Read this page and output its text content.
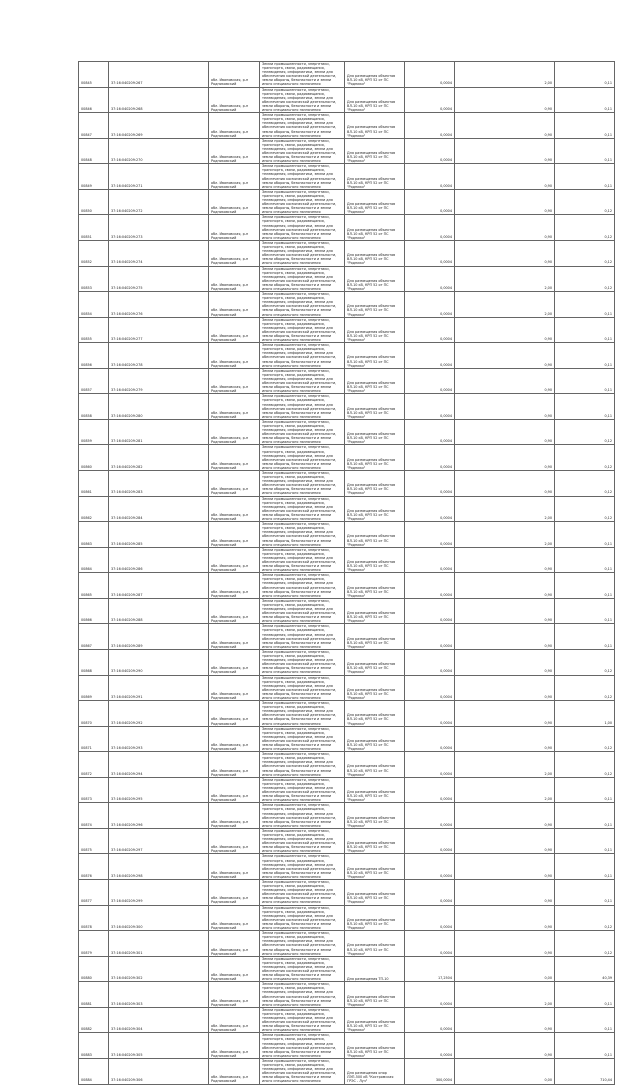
00845	37:16:040209:267	обл. Ивановская, р-н Родниковский	Земли промышленности, энергетики, транспорта, связи, радиовещания, телевидения, информатики, земли для обеспечения космической деятельности, земли обороны, безопасности и земли иного специального назначения	Для размещения объектов ВЛ-10 кВ, КРП 52 от ПС "Родники"	0,0004	2,00	0,11
00846	37:16:040209:268	обл. Ивановская, р-н Родниковский	Земли промышленности, энергетики, транспорта, связи, радиовещания, телевидения, информатики, земли для обеспечения космической деятельности, земли обороны, безопасности и земли иного специального назначения	Для размещения объектов ВЛ-10 кВ, КРП 52 от ПС "Родники"	0,0004	0,90	0,11
00847	37:16:040209:269	обл. Ивановская, р-н Родниковский	Земли промышленности, энергетики, транспорта, связи, радиовещания, телевидения, информатики, земли для обеспечения космической деятельности, земли обороны, безопасности и земли иного специального назначения	Для размещения объектов ВЛ-10 кВ, КРП 52 от ПС "Родники"	0,0004	0,90	0,11
00848	37:16:040209:270	обл. Ивановская, р-н Родниковский	Земли промышленности, энергетики, транспорта, связи, радиовещания, телевидения, информатики, земли для обеспечения космической деятельности, земли обороны, безопасности и земли иного специального назначения	Для размещения объектов ВЛ-10 кВ, КРП 52 от ПС "Родники"	0,0004	0,90	0,11
00849	37:16:040209:271	обл. Ивановская, р-н Родниковский	Земли промышленности, энергетики, транспорта, связи, радиовещания, телевидения, информатики, земли для обеспечения космической деятельности, земли обороны, безопасности и земли иного специального назначения	Для размещения объектов ВЛ-10 кВ, КРП 52 от ПС "Родники"	0,0004	0,90	0,11
00850	37:16:040209:272	обл. Ивановская, р-н Родниковский	Земли промышленности, энергетики, транспорта, связи, радиовещания, телевидения, информатики, земли для обеспечения космической деятельности, земли обороны, безопасности и земли иного специального назначения	Для размещения объектов ВЛ-10 кВ, КРП 52 от ПС "Родники"	0,0004	0,90	0,12
00851	37:16:040209:273	обл. Ивановская, р-н Родниковский	Земли промышленности, энергетики, транспорта, связи, радиовещания, телевидения, информатики, земли для обеспечения космической деятельности, земли обороны, безопасности и земли иного специального назначения	Для размещения объектов ВЛ-10 кВ, КРП 52 от ПС "Родники"	0,0004	0,90	0,12
00852	37:16:040209:274	обл. Ивановская, р-н Родниковский	Земли промышленности, энергетики, транспорта, связи, радиовещания, телевидения, информатики, земли для обеспечения космической деятельности, земли обороны, безопасности и земли иного специального назначения	Для размещения объектов ВЛ-10 кВ, КРП 52 от ПС "Родники"	0,0004	0,90	0,12
00853	37:16:040209:275	обл. Ивановская, р-н Родниковский	Земли промышленности, энергетики, транспорта, связи, радиовещания, телевидения, информатики, земли для обеспечения космической деятельности, земли обороны, безопасности и земли иного специального назначения	Для размещения объектов ВЛ-10 кВ, КРП 52 от ПС "Родники"	0,0004	2,00	0,12
00854	37:16:040209:276	обл. Ивановская, р-н Родниковский	Земли промышленности, энергетики, транспорта, связи, радиовещания, телевидения, информатики, земли для обеспечения космической деятельности, земли обороны, безопасности и земли иного специального назначения	Для размещения объектов ВЛ-10 кВ, КРП 52 от ПС "Родники"	0,0004	2,00	0,11
00855	37:16:040209:277	обл. Ивановская, р-н Родниковский	Земли промышленности, энергетики, транспорта, связи, радиовещания, телевидения, информатики, земли для обеспечения космической деятельности, земли обороны, безопасности и земли иного специального назначения	Для размещения объектов ВЛ-10 кВ, КРП 52 от ПС "Родники"	0,0004	0,90	0,11
00856	37:16:040209:278	обл. Ивановская, р-н Родниковский	Земли промышленности, энергетики, транспорта, связи, радиовещания, телевидения, информатики, земли для обеспечения космической деятельности, земли обороны, безопасности и земли иного специального назначения	Для размещения объектов ВЛ-10 кВ, КРП 52 от ПС "Родники"	0,0004	0,90	0,11
00857	37:16:040209:279	обл. Ивановская, р-н Родниковский	Земли промышленности, энергетики, транспорта, связи, радиовещания, телевидения, информатики, земли для обеспечения космической деятельности, земли обороны, безопасности и земли иного специального назначения	Для размещения объектов ВЛ-10 кВ, КРП 52 от ПС "Родники"	0,0004	0,90	0,11
00858	37:16:040209:280	обл. Ивановская, р-н Родниковский	Земли промышленности, энергетики, транспорта, связи, радиовещания, телевидения, информатики, земли для обеспечения космической деятельности, земли обороны, безопасности и земли иного специального назначения	Для размещения объектов ВЛ-10 кВ, КРП 52 от ПС "Родники"	0,0004	0,90	0,11
00859	37:16:040209:281	обл. Ивановская, р-н Родниковский	Земли промышленности, энергетики, транспорта, связи, радиовещания, телевидения, информатики, земли для обеспечения космической деятельности, земли обороны, безопасности и земли иного специального назначения	Для размещения объектов ВЛ-10 кВ, КРП 52 от ПС "Родники"	0,0004	0,90	0,12
00860	37:16:040209:282	обл. Ивановская, р-н Родниковский	Земли промышленности, энергетики, транспорта, связи, радиовещания, телевидения, информатики, земли для обеспечения космической деятельности, земли обороны, безопасности и земли иного специального назначения	Для размещения объектов ВЛ-10 кВ, КРП 52 от ПС "Родники"	0,0004	0,90	0,12
00861	37:16:040209:283	обл. Ивановская, р-н Родниковский	Земли промышленности, энергетики, транспорта, связи, радиовещания, телевидения, информатики, земли для обеспечения космической деятельности, земли обороны, безопасности и земли иного специального назначения	Для размещения объектов ВЛ-10 кВ, КРП 52 от ПС "Родники"	0,0004	0,90	0,12
00862	37:16:040209:284	обл. Ивановская, р-н Родниковский	Земли промышленности, энергетики, транспорта, связи, радиовещания, телевидения, информатики, земли для обеспечения космической деятельности, земли обороны, безопасности и земли иного специального назначения	Для размещения объектов ВЛ-10 кВ, КРП 52 от ПС "Родники"	0,0004	2,00	0,12
00863	37:16:040209:285	обл. Ивановская, р-н Родниковский	Земли промышленности, энергетики, транспорта, связи, радиовещания, телевидения, информатики, земли для обеспечения космической деятельности, земли обороны, безопасности и земли иного специального назначения	Для размещения объектов ВЛ-10 кВ, КРП 52 от ПС "Родники"	0,0004	2,00	0,11
00864	37:16:040209:286	обл. Ивановская, р-н Родниковский	Земли промышленности, энергетики, транспорта, связи, радиовещания, телевидения, информатики, земли для обеспечения космической деятельности, земли обороны, безопасности и земли иного специального назначения	Для размещения объектов ВЛ-10 кВ, КРП 52 от ПС "Родники"	0,0004	0,90	0,11
00865	37:16:040209:287	обл. Ивановская, р-н Родниковский	Земли промышленности, энергетики, транспорта, связи, радиовещания, телевидения, информатики, земли для обеспечения космической деятельности, земли обороны, безопасности и земли иного специального назначения	Для размещения объектов ВЛ-10 кВ, КРП 52 от ПС "Родники"	0,0004	0,90	0,11
00866	37:16:040209:288	обл. Ивановская, р-н Родниковский	Земли промышленности, энергетики, транспорта, связи, радиовещания, телевидения, информатики, земли для обеспечения космической деятельности, земли обороны, безопасности и земли иного специального назначения	Для размещения объектов ВЛ-10 кВ, КРП 52 от ПС "Родники"	0,0004	0,90	0,11
00867	37:16:040209:289	обл. Ивановская, р-н Родниковский	Земли промышленности, энергетики, транспорта, связи, радиовещания, телевидения, информатики, земли для обеспечения космической деятельности, земли обороны, безопасности и земли иного специального назначения	Для размещения объектов ВЛ-10 кВ, КРП 52 от ПС "Родники"	0,0004	0,90	0,11
00868	37:16:040209:290	обл. Ивановская, р-н Родниковский	Земли промышленности, энергетики, транспорта, связи, радиовещания, телевидения, информатики, земли для обеспечения космической деятельности, земли обороны, безопасности и земли иного специального назначения	Для размещения объектов ВЛ-10 кВ, КРП 52 от ПС "Родники"	0,0004	0,90	0,12
00869	37:16:040209:291	обл. Ивановская, р-н Родниковский	Земли промышленности, энергетики, транспорта, связи, радиовещания, телевидения, информатики, земли для обеспечения космической деятельности, земли обороны, безопасности и земли иного специального назначения	Для размещения объектов ВЛ-10 кВ, КРП 52 от ПС "Родники"	0,0004	0,90	0,12
00870	37:16:040209:292	обл. Ивановская, р-н Родниковский	Земли промышленности, энергетики, транспорта, связи, радиовещания, телевидения, информатики, земли для обеспечения космической деятельности, земли обороны, безопасности и земли иного специального назначения	Для размещения объектов ВЛ-10 кВ, КРП 52 от ПС "Родники"	0,0004	0,90	1,00
00871	37:16:040209:293	обл. Ивановская, р-н Родниковский	Земли промышленности, энергетики, транспорта, связи, радиовещания, телевидения, информатики, земли для обеспечения космической деятельности, земли обороны, безопасности и земли иного специального назначения	Для размещения объектов ВЛ-10 кВ, КРП 52 от ПС "Родники"	0,0004	0,90	0,12
00872	37:16:040209:294	обл. Ивановская, р-н Родниковский	Земли промышленности, энергетики, транспорта, связи, радиовещания, телевидения, информатики, земли для обеспечения космической деятельности, земли обороны, безопасности и земли иного специального назначения	Для размещения объектов ВЛ-10 кВ, КРП 52 от ПС "Родники"	0,0004	2,00	0,12
00873	37:16:040209:295	обл. Ивановская, р-н Родниковский	Земли промышленности, энергетики, транспорта, связи, радиовещания, телевидения, информатики, земли для обеспечения космической деятельности, земли обороны, безопасности и земли иного специального назначения	Для размещения объектов ВЛ-10 кВ, КРП 52 от ПС "Родники"	0,0004	2,00	0,11
00874	37:16:040209:296	обл. Ивановская, р-н Родниковский	Земли промышленности, энергетики, транспорта, связи, радиовещания, телевидения, информатики, земли для обеспечения космической деятельности, земли обороны, безопасности и земли иного специального назначения	Для размещения объектов ВЛ-10 кВ, КРП 52 от ПС "Родники"	0,0004	0,90	0,11
00875	37:16:040209:297	обл. Ивановская, р-н Родниковский	Земли промышленности, энергетики, транспорта, связи, радиовещания, телевидения, информатики, земли для обеспечения космической деятельности, земли обороны, безопасности и земли иного специального назначения	Для размещения объектов ВЛ-10 кВ, КРП 52 от ПС "Родники"	0,0004	0,90	0,11
00876	37:16:040209:298	обл. Ивановская, р-н Родниковский	Земли промышленности, энергетики, транспорта, связи, радиовещания, телевидения, информатики, земли для обеспечения космической деятельности, земли обороны, безопасности и земли иного специального назначения	Для размещения объектов ВЛ-10 кВ, КРП 52 от ПС "Родники"	0,0004	0,90	0,11
00877	37:16:040209:299	обл. Ивановская, р-н Родниковский	Земли промышленности, энергетики, транспорта, связи, радиовещания, телевидения, информатики, земли для обеспечения космической деятельности, земли обороны, безопасности и земли иного специального назначения	Для размещения объектов ВЛ-10 кВ, КРП 52 от ПС "Родники"	0,0004	0,90	0,11
00878	37:16:040209:300	обл. Ивановская, р-н Родниковский	Земли промышленности, энергетики, транспорта, связи, радиовещания, телевидения, информатики, земли для обеспечения космической деятельности, земли обороны, безопасности и земли иного специального назначения	Для размещения объектов ВЛ-10 кВ, КРП 52 от ПС "Родники"	0,0004	0,90	0,12
00879	37:16:040209:301	обл. Ивановская, р-н Родниковский	Земли промышленности, энергетики, транспорта, связи, радиовещания, телевидения, информатики, земли для обеспечения космической деятельности, земли обороны, безопасности и земли иного специального назначения	Для размещения объектов ВЛ-10 кВ, КРП 52 от ПС "Родники"	0,0004	0,90	0,12
00880	37:16:040209:302	обл. Ивановская, р-н Родниковский	Земли промышленности, энергетики, транспорта, связи, радиовещания, телевидения, информатики, земли для обеспечения космической деятельности, земли обороны, безопасности и земли иного специального назначения	Для размещения ТП-10	17,2504	0,00	40,39
00881	37:16:040209:303	обл. Ивановская, р-н Родниковский	Земли промышленности, энергетики, транспорта, связи, радиовещания, телевидения, информатики, земли для обеспечения космической деятельности, земли обороны, безопасности и земли иного специального назначения	Для размещения объектов ВЛ-10 кВ, КРП 52 от ПС "Родники"	0,0004	2,00	0,11
00882	37:16:040209:304	обл. Ивановская, р-н Родниковский	Земли промышленности, энергетики, транспорта, связи, радиовещания, телевидения, информатики, земли для обеспечения космической деятельности, земли обороны, безопасности и земли иного специального назначения	Для размещения объектов ВЛ-10 кВ, КРП 52 от ПС "Родники"	0,0004	0,90	0,11
00883	37:16:040209:305	обл. Ивановская, р-н Родниковский	Земли промышленности, энергетики, транспорта, связи, радиовещания, телевидения, информатики, земли для обеспечения космической деятельности, земли обороны, безопасности и земли иного специального назначения	Для размещения объектов ВЛ-10 кВ, КРП 52 от ПС "Родники"	0,0004	0,90	0,11
00884	37:16:040209:306	обл. Ивановская, р-н Родниковский	Земли промышленности, энергетики, транспорта, связи, радиовещания, телевидения, информатики, земли для обеспечения космической деятельности, земли обороны, безопасности и земли иного специального назначения	Для размещения опор ЛЭП-500 кВ "Костромская ГРЭС - Луч"	300,0004	0,00	710,44
